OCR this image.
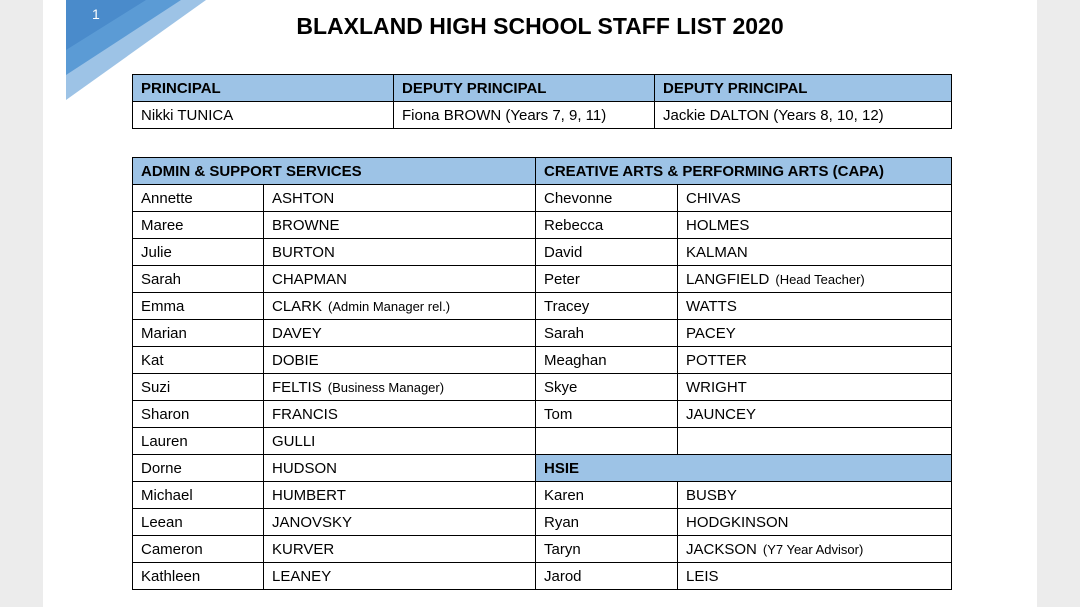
1	BLAXLAND HIGH SCHOOL STAFF LIST 2020
PRINCIPAL	DEPUTY PRINCIPAL	DEPUTY PRINCIPAL
Nikki TUNICA	Fiona BROWN (Years 7, 9, 11)	Jackie DALTON (Years 8, 10, 12)
ADMIN & SUPPORT SERVICES		CREATIVE ARTS & PERFORMING ARTS (CAPA)	
Annette	ASHTON	Chevonne	CHIVAS
Maree	BROWNE	Rebecca	HOLMES
Julie	BURTON	David	KALMAN
Sarah	CHAPMAN	Peter	LANGFIELD (Head Teacher)
Emma	CLARK (Admin Manager rel.)	Tracey	WATTS
Marian	DAVEY	Sarah	PACEY
Kat	DOBIE	Meaghan	POTTER
Suzi	FELTIS (Business Manager)	Skye	WRIGHT
Sharon	FRANCIS	Tom	JAUNCEY
Lauren	GULLI		
Dorne	HUDSON	HSIE	
Michael	HUMBERT	Karen	BUSBY
Leean	JANOVSKY	Ryan	HODGKINSON
Cameron	KURVER	Taryn	JACKSON (Y7 Year Advisor)
Kathleen	LEANEY	Jarod	LEIS
